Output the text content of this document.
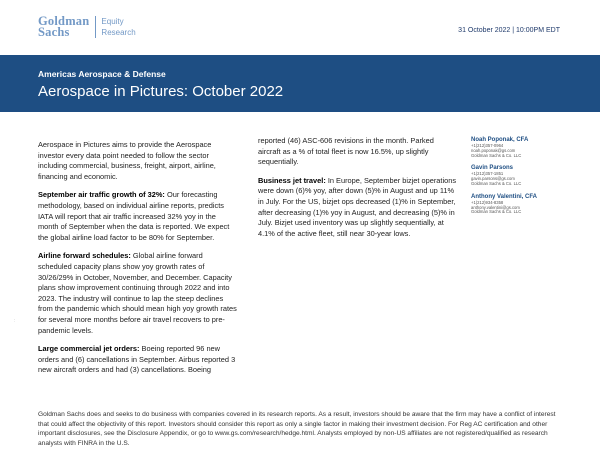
Goldman
Sachs
Equity
Research	31 October 2022 | 10:00PM EDT
Americas Aerospace & Defense
Aerospace in Pictures: October 2022

Aerospace in Pictures aims to provide the Aerospace investor every data point needed to follow the sector including commercial, business, freight, airport, airline, financing and economic.

September air traffic growth of 32%: Our forecasting methodology, based on individual airline reports, predicts IATA will report that air traffic increased 32% yoy in the month of September when the data is reported. We expect the global airline load factor to be 80% for September.

Airline forward schedules: Global airline forward scheduled capacity plans show yoy growth rates of 30/26/29% in October, November, and December. Capacity plans show improvement continuing through 2022 and into 2023. The industry will continue to lap the steep declines from the pandemic which should mean high yoy growth rates for several more months before air travel recovers to pre-pandemic levels.

Large commercial jet orders: Boeing reported 96 new orders and (6) cancellations in September. Airbus reported 3 new aircraft orders and had (3) cancellations. Boeing

reported (46) ASC-606 revisions in the month. Parked aircraft as a % of total fleet is now 16.5%, up slightly sequentially.

Business jet travel: In Europe, September bizjet operations were down (6)% yoy, after down (5)% in August and up 11% in July. For the US, bizjet ops decreased (1)% in September, after decreasing (1)% yoy in August, and decreasing (5)% in July. Bizjet used inventory was up slightly sequentially, at 4.1% of the active fleet, still near 30-year lows.

Noah Poponak, CFA
+1(212)357-0964
noah.poponak@gs.com
Goldman Sachs & Co. LLC
Gavin Parsons
+1(212)357-1851
gavin.parsons@gs.com
Goldman Sachs & Co. LLC
Anthony Valentini, CFA
+1(212)934-8358
anthony.valentini@gs.com
Goldman Sachs & Co. LLC
:
Goldman Sachs does and seeks to do business with companies covered in its research reports. As a result, investors should be aware that the firm may have a conflict of interest that could affect the objectivity of this report. Investors should consider this report as only a single factor in making their investment decision. For Reg AC certification and other important disclosures, see the Disclosure Appendix, or go to www.gs.com/research/hedge.html. Analysts employed by non-US affiliates are not registered/qualified as research analysts with FINRA in the U.S.
